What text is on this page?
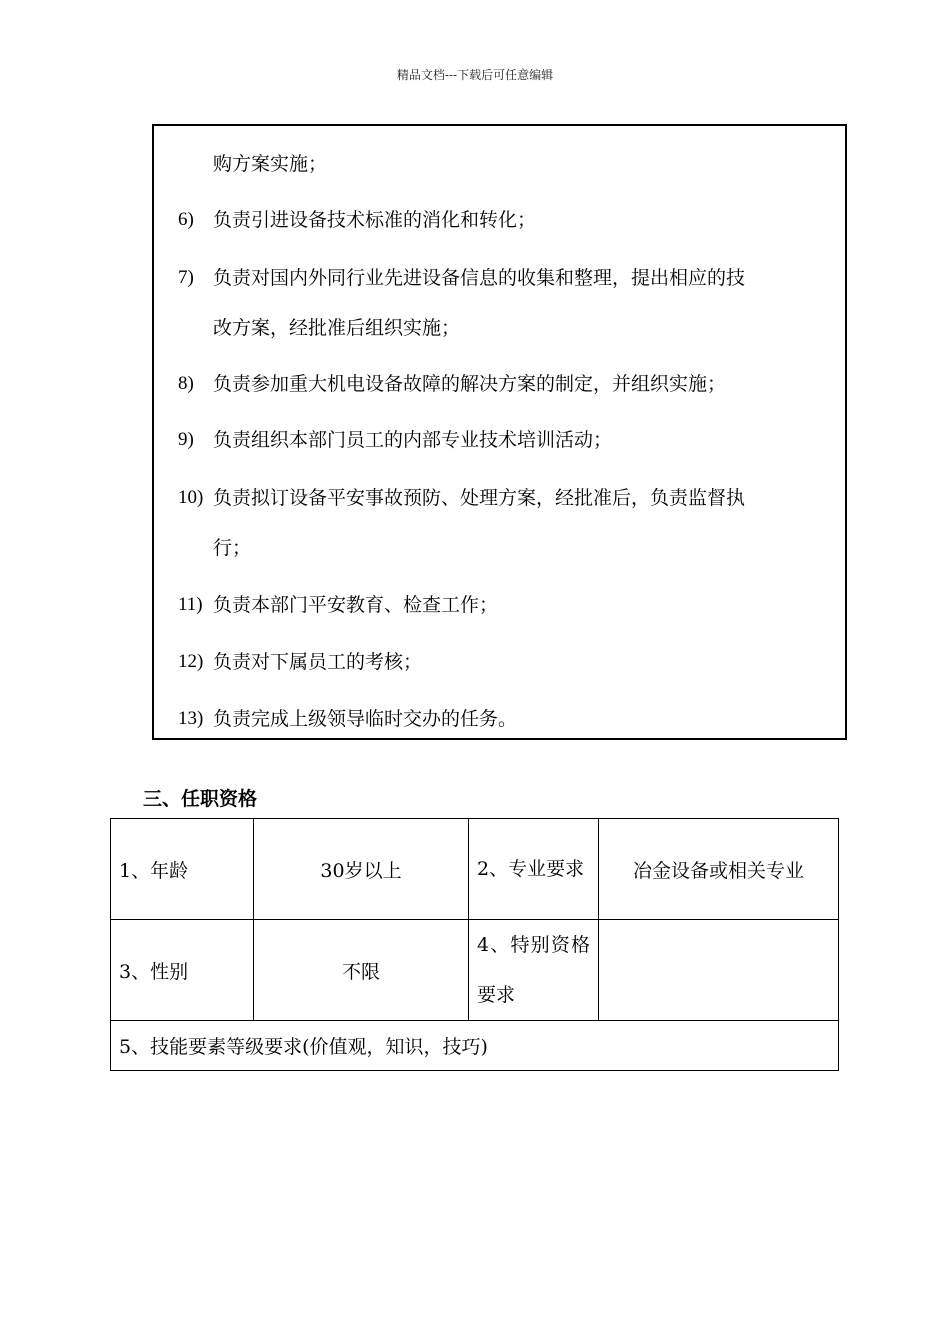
精品文档---下载后可任意编辑
购方案实施；
6) 负责引进设备技术标准的消化和转化；
7) 负责对国内外同行业先进设备信息的收集和整理，提出相应的技
改方案，经批准后组织实施；
8) 负责参加重大机电设备故障的解决方案的制定，并组织实施；
9) 负责组织本部门员工的内部专业技术培训活动；
10) 负责拟订设备平安事故预防、处理方案，经批准后，负责监督执
行；
11) 负责本部门平安教育、检查工作；
12) 负责对下属员工的考核；
13) 负责完成上级领导临时交办的任务。
三、任职资格
1、年龄	30岁以上	2、专业要求	冶金设备或相关专业
3、性别	不限	4、特别资格要求	
5、技能要素等级要求(价值观，知识，技巧)			
